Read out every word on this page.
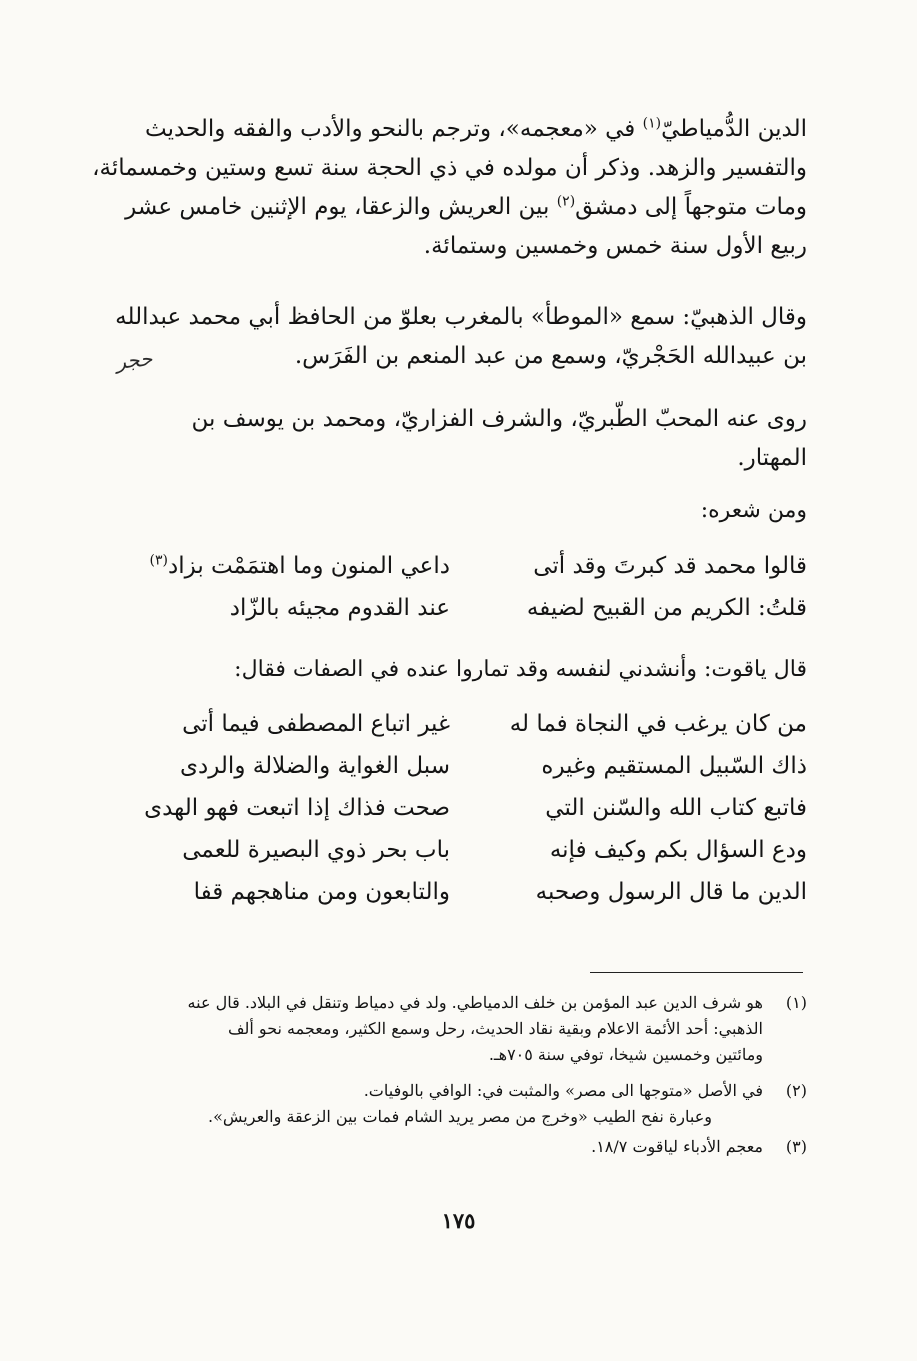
الدين الدُّمياطيّ$^{(١)}$ في «معجمه»، وترجم بالنحو والأدب والفقه والحديث
والتفسير والزهد. وذكر أن مولده في ذي الحجة سنة تسع وستين وخمسمائة،
ومات متوجهاً إلى دمشق$^{(٢)}$ بين العريش والزعقا، يوم الإثنين خامس عشر
ربيع الأول سنة خمس وخمسين وستمائة.
وقال الذهبيّ: سمع «الموطأ» بالمغرب بعلوّ من الحافظ أبي محمد عبدالله
بن عبيدالله الحَجْريّ، وسمع من عبد المنعم بن الفَرَس.
حجر
روى عنه المحبّ الطّبريّ، والشرف الفزاريّ، ومحمد بن يوسف بن
المهتار.
ومن شعره:
قالوا محمد قد كبرتَ وقد أتى
داعي المنون وما اهتمَمْت بزاد$^{(٣)}$
قلتُ: الكريم من القبيح لضيفه
عند القدوم مجيئه بالزّاد
قال ياقوت: وأنشدني لنفسه وقد تماروا عنده في الصفات فقال:
من كان يرغب في النجاة فما له
غير اتباع المصطفى فيما أتى
ذاك السّبيل المستقيم وغيره
سبل الغواية والضلالة والردى
فاتبع كتاب الله والسّنن التي
صحت فذاك إذا اتبعت فهو الهدى
ودع السؤال بكم وكيف فإنه
باب بحر ذوي البصيرة للعمى
الدين ما قال الرسول وصحبه
والتابعون ومن مناهجهم قفا
(١)
هو شرف الدين عبد المؤمن بن خلف الدمياطي. ولد في دمياط وتنقل في البلاد. قال عنه
الذهبي: أحد الأئمة الاعلام وبقية نقاد الحديث، رحل وسمع الكثير، ومعجمه نحو ألف
ومائتين وخمسين شيخا، توفي سنة ٧٠٥هـ.
(٢)
في الأصل «متوجها الى مصر» والمثبت في: الوافي بالوفيات.
وعبارة نفح الطيب «وخرج من مصر يريد الشام فمات بين الزعقة والعريش».
(٣)
معجم الأدباء لياقوت ١٨/٧.
١٧٥
